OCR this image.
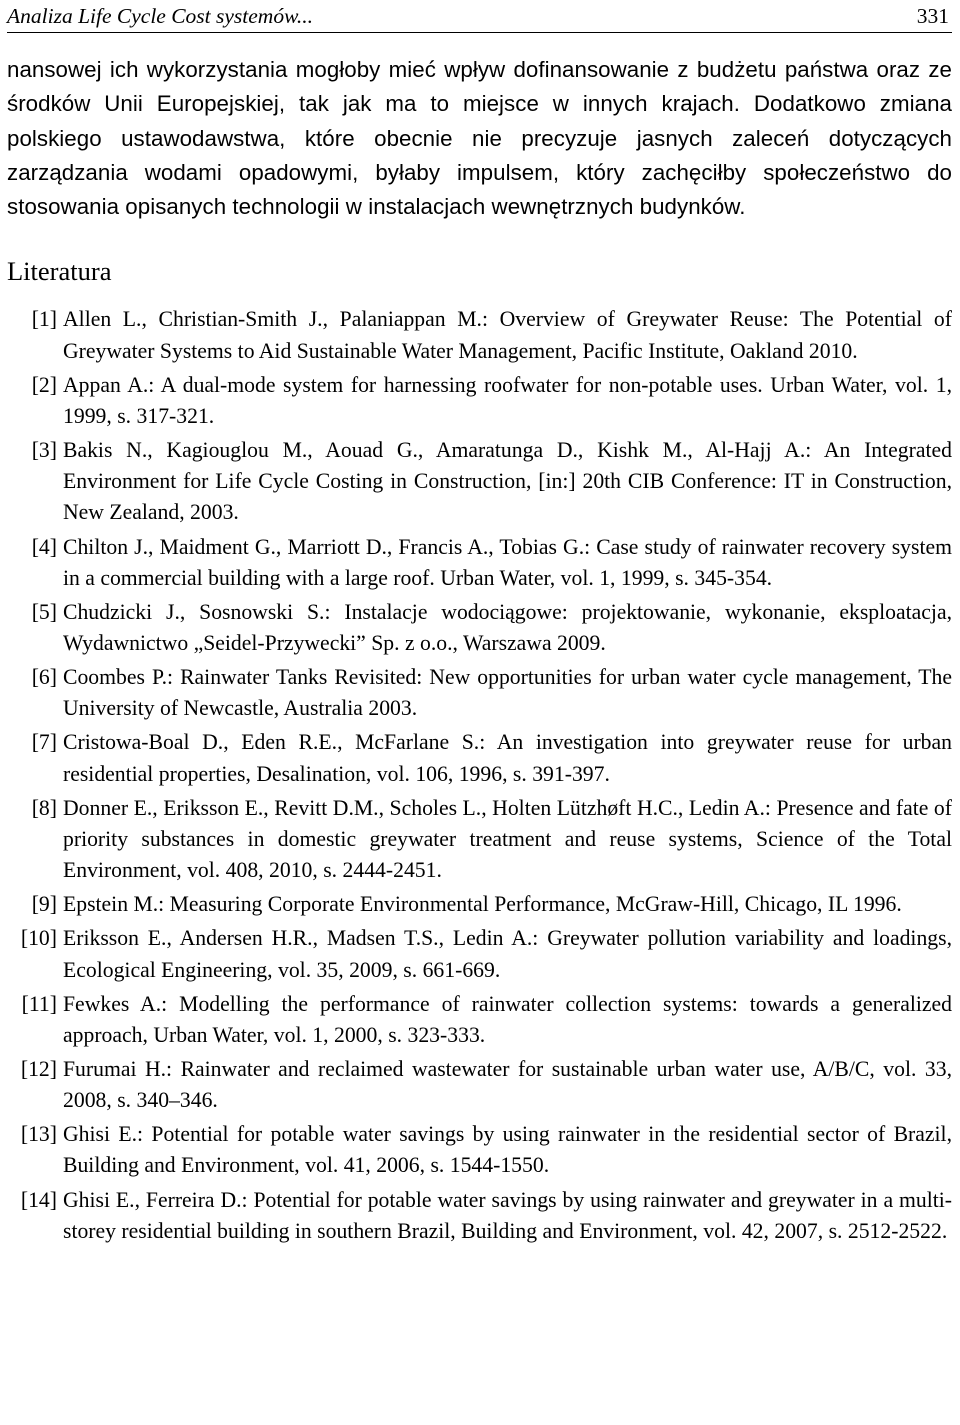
Analiza Life Cycle Cost systemów...	331

nansowej ich wykorzystania mogłoby mieć wpływ dofinansowanie z budżetu państwa oraz ze środków Unii Europejskiej, tak jak ma to miejsce w innych krajach. Dodatkowo zmiana polskiego ustawodawstwa, które obecnie nie precyzuje jasnych zaleceń dotyczących zarządzania wodami opadowymi, byłaby impulsem, który zachęciłby społeczeństwo do stosowania opisanych technologii w instalacjach wewnętrznych budynków.

Literatura
[1] Allen L., Christian-Smith J., Palaniappan M.: Overview of Greywater Reuse: The Potential of Greywater Systems to Aid Sustainable Water Management, Pacific Institute, Oakland 2010.
[2] Appan A.: A dual-mode system for harnessing roofwater for non-potable uses. Urban Water, vol. 1, 1999, s. 317-321.
[3] Bakis N., Kagiouglou M., Aouad G., Amaratunga D., Kishk M., Al-Hajj A.: An Integrated Environment for Life Cycle Costing in Construction, [in:] 20th CIB Conference: IT in Construction, New Zealand, 2003.
[4] Chilton J., Maidment G., Marriott D., Francis A., Tobias G.: Case study of rainwater recovery system in a commercial building with a large roof. Urban Water, vol. 1, 1999, s. 345-354.
[5] Chudzicki J., Sosnowski S.: Instalacje wodociągowe: projektowanie, wykonanie, eksploatacja, Wydawnictwo „Seidel-Przywecki” Sp. z o.o., Warszawa 2009.
[6] Coombes P.: Rainwater Tanks Revisited: New opportunities for urban water cycle management, The University of Newcastle, Australia 2003.
[7] Cristowa-Boal D., Eden R.E., McFarlane S.: An investigation into greywater reuse for urban residential properties, Desalination, vol. 106, 1996, s. 391-397.
[8] Donner E., Eriksson E., Revitt D.M., Scholes L., Holten Lützhøft H.C., Ledin A.: Presence and fate of priority substances in domestic greywater treatment and reuse systems, Science of the Total Environment, vol. 408, 2010, s. 2444-2451.
[9] Epstein M.: Measuring Corporate Environmental Performance, McGraw-Hill, Chicago, IL 1996.
[10] Eriksson E., Andersen H.R., Madsen T.S., Ledin A.: Greywater pollution variability and loadings, Ecological Engineering, vol. 35, 2009, s. 661-669.
[11] Fewkes A.: Modelling the performance of rainwater collection systems: towards a generalized approach, Urban Water, vol. 1, 2000, s. 323-333.
[12] Furumai H.: Rainwater and reclaimed wastewater for sustainable urban water use, A/B/C, vol. 33, 2008, s. 340–346.
[13] Ghisi E.: Potential for potable water savings by using rainwater in the residential sector of Brazil, Building and Environment, vol. 41, 2006, s. 1544-1550.
[14] Ghisi E., Ferreira D.: Potential for potable water savings by using rainwater and greywater in a multi-storey residential building in southern Brazil, Building and Environment, vol. 42, 2007, s. 2512-2522.
